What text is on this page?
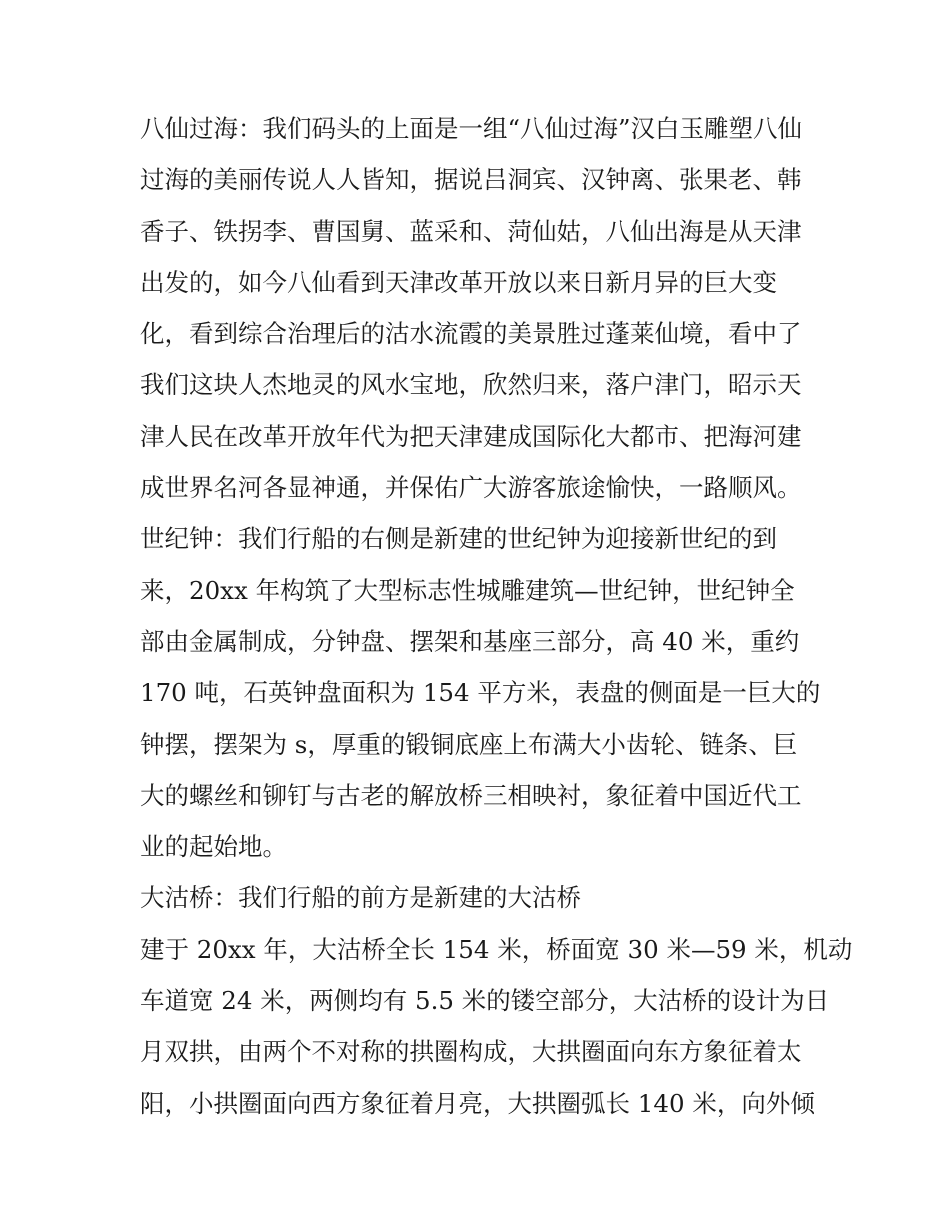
八仙过海：我们码头的上面是一组“八仙过海”汉白玉雕塑八仙
过海的美丽传说人人皆知，据说吕洞宾、汉钟离、张果老、韩
香子、铁拐李、曹国舅、蓝采和、菏仙姑，八仙出海是从天津
出发的，如今八仙看到天津改革开放以来日新月异的巨大变
化，看到综合治理后的沽水流霞的美景胜过蓬莱仙境，看中了
我们这块人杰地灵的风水宝地，欣然归来，落户津门，昭示天
津人民在改革开放年代为把天津建成国际化大都市、把海河建
成世界名河各显神通，并保佑广大游客旅途愉快，一路顺风。
世纪钟：我们行船的右侧是新建的世纪钟为迎接新世纪的到
来，20xx 年构筑了大型标志性城雕建筑—世纪钟，世纪钟全
部由金属制成，分钟盘、摆架和基座三部分，高 40 米，重约
170 吨，石英钟盘面积为 154 平方米，表盘的侧面是一巨大的
钟摆，摆架为 s，厚重的锻铜底座上布满大小齿轮、链条、巨
大的螺丝和铆钉与古老的解放桥三相映衬，象征着中国近代工
业的起始地。
大沽桥：我们行船的前方是新建的大沽桥
建于 20xx 年，大沽桥全长 154 米，桥面宽 30 米—59 米，机动
车道宽 24 米，两侧均有 5.5 米的镂空部分，大沽桥的设计为日
月双拱，由两个不对称的拱圈构成，大拱圈面向东方象征着太
阳，小拱圈面向西方象征着月亮，大拱圈弧长 140 米，向外倾
